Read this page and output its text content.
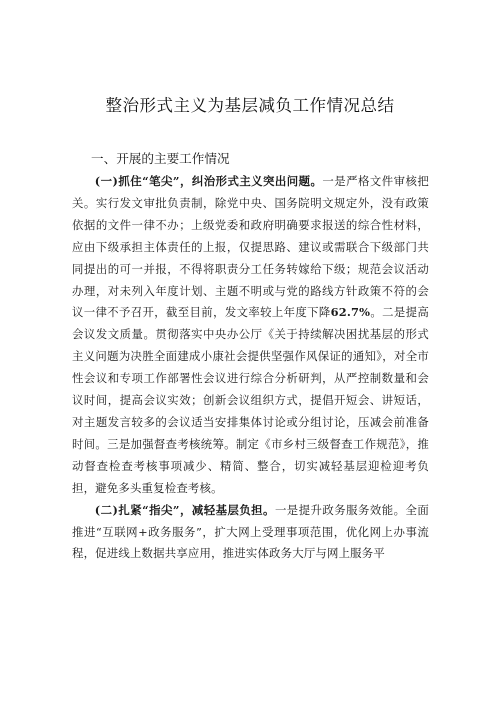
整治形式主义为基层减负工作情况总结
一、开展的主要工作情况

(一)抓住“笔尖”，纠治形式主义突出问题。一是严格文件审核把关。实行发文审批负责制，除党中央、国务院明文规定外，没有政策依据的文件一律不办；上级党委和政府明确要求报送的综合性材料，应由下级承担主体责任的上报，仅提思路、建议或需联合下级部门共同提出的可一并报，不得将职责分工任务转嫁给下级；规范会议活动办理，对未列入年度计划、主题不明或与党的路线方针政策不符的会议一律不予召开，截至目前，发文率较上年度下降62.7%。二是提高会议发文质量。贯彻落实中央办公厅《关于持续解决困扰基层的形式主义问题为决胜全面建成小康社会提供坚强作风保证的通知》，对全市性会议和专项工作部署性会议进行综合分析研判，从严控制数量和会议时间，提高会议实效；创新会议组织方式，提倡开短会、讲短话，对主题发言较多的会议适当安排集体讨论或分组讨论，压减会前准备时间。三是加强督查考核统筹。制定《市乡村三级督查工作规范》，推动督查检查考核事项减少、精简、整合，切实减轻基层迎检迎考负担，避免多头重复检查考核。

(二)扎紧“指尖”，减轻基层负担。一是提升政务服务效能。全面推进“互联网+政务服务”，扩大网上受理事项范围，优化网上办事流程，促进线上数据共享应用，推进实体政务大厅与网上服务平
